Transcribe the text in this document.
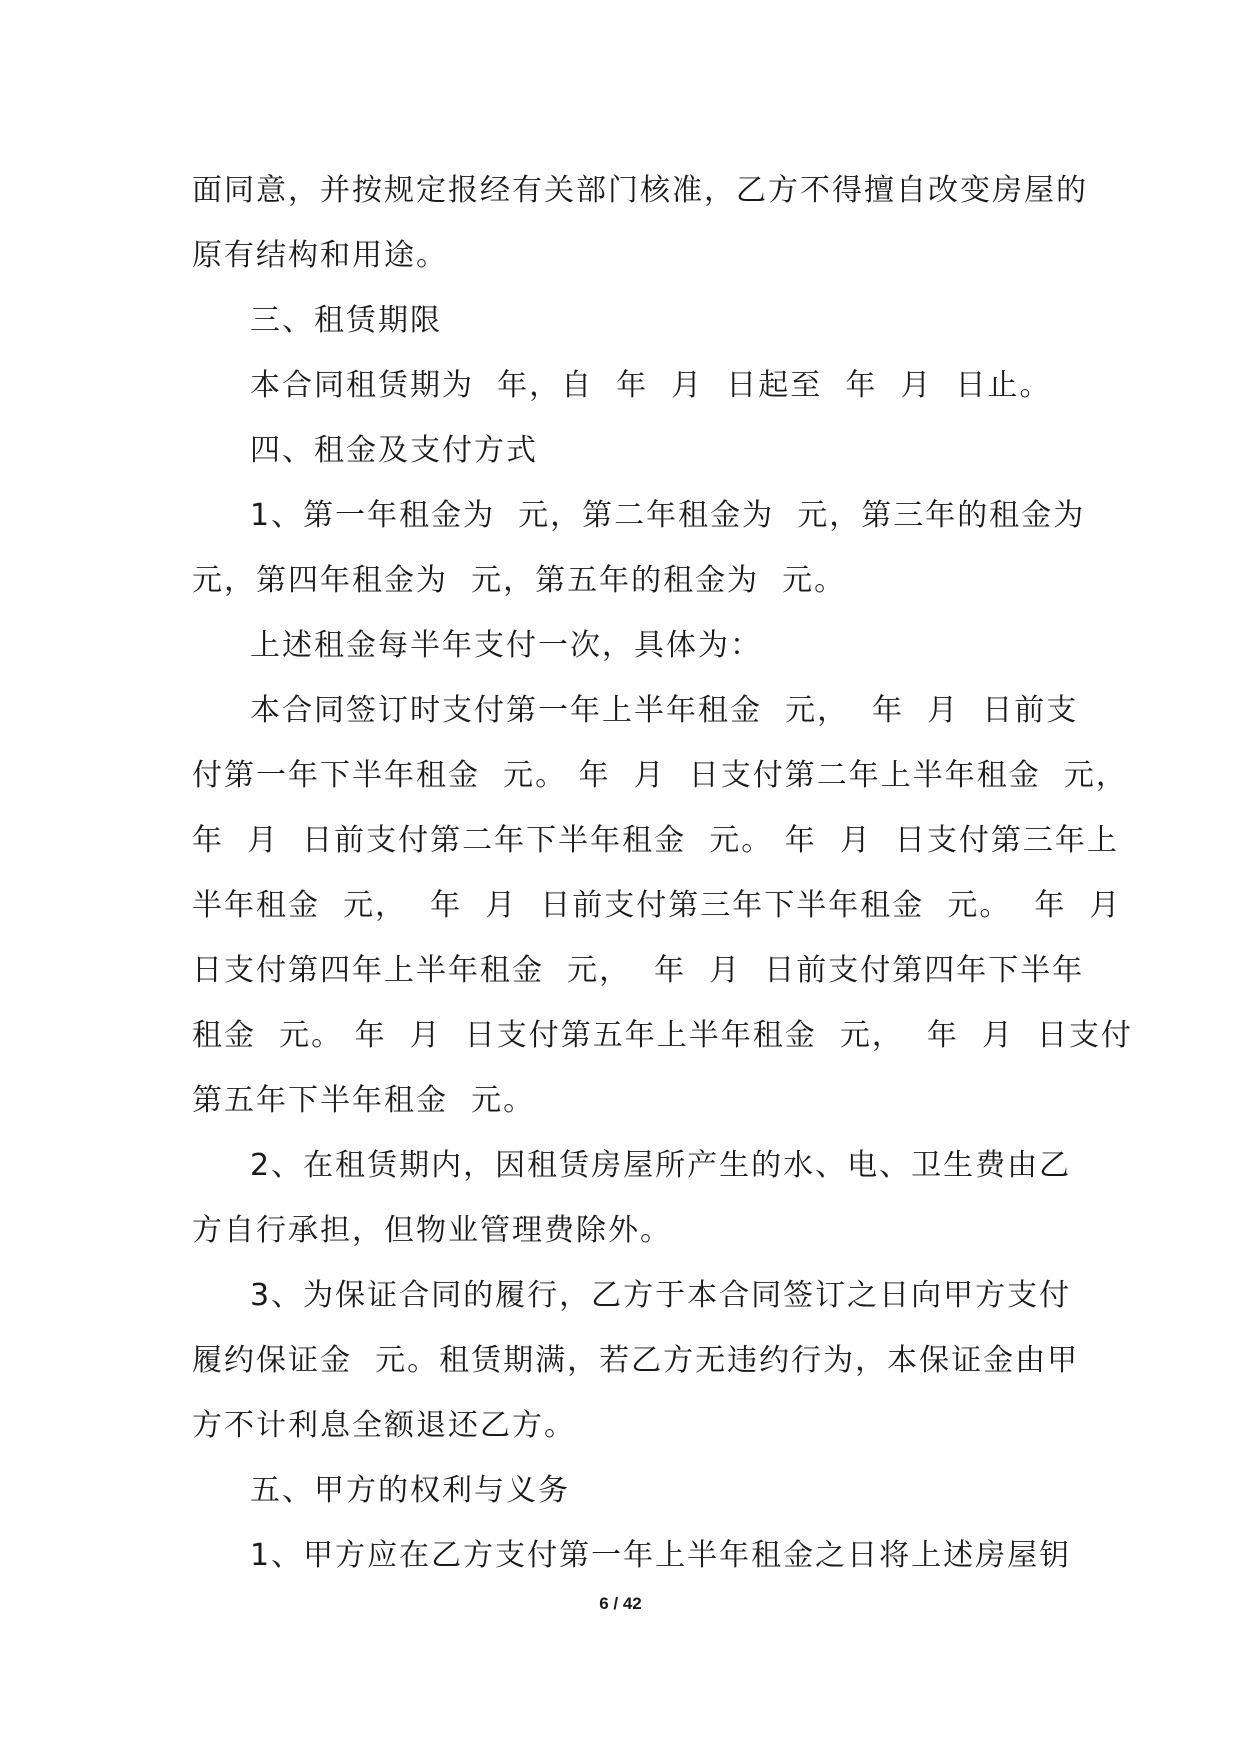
面同意，并按规定报经有关部门核准，乙方不得擅自改变房屋的
原有结构和用途。
三、租赁期限
本合同租赁期为  年，自  年  月  日起至  年  月  日止。
四、租金及支付方式
1、第一年租金为  元，第二年租金为  元，第三年的租金为
元，第四年租金为  元，第五年的租金为  元。
上述租金每半年支付一次，具体为：
本合同签订时支付第一年上半年租金  元，  年  月  日前支
付第一年下半年租金  元。 年  月  日支付第二年上半年租金  元，
年  月  日前支付第二年下半年租金  元。 年  月  日支付第三年上
半年租金  元，  年  月  日前支付第三年下半年租金  元。  年  月
日支付第四年上半年租金  元，  年  月  日前支付第四年下半年
租金  元。 年  月  日支付第五年上半年租金  元，  年  月  日支付
第五年下半年租金  元。
2、在租赁期内，因租赁房屋所产生的水、电、卫生费由乙
方自行承担，但物业管理费除外。
3、为保证合同的履行，乙方于本合同签订之日向甲方支付
履约保证金  元。租赁期满，若乙方无违约行为，本保证金由甲
方不计利息全额退还乙方。
五、甲方的权利与义务
1、甲方应在乙方支付第一年上半年租金之日将上述房屋钥
6 / 42
